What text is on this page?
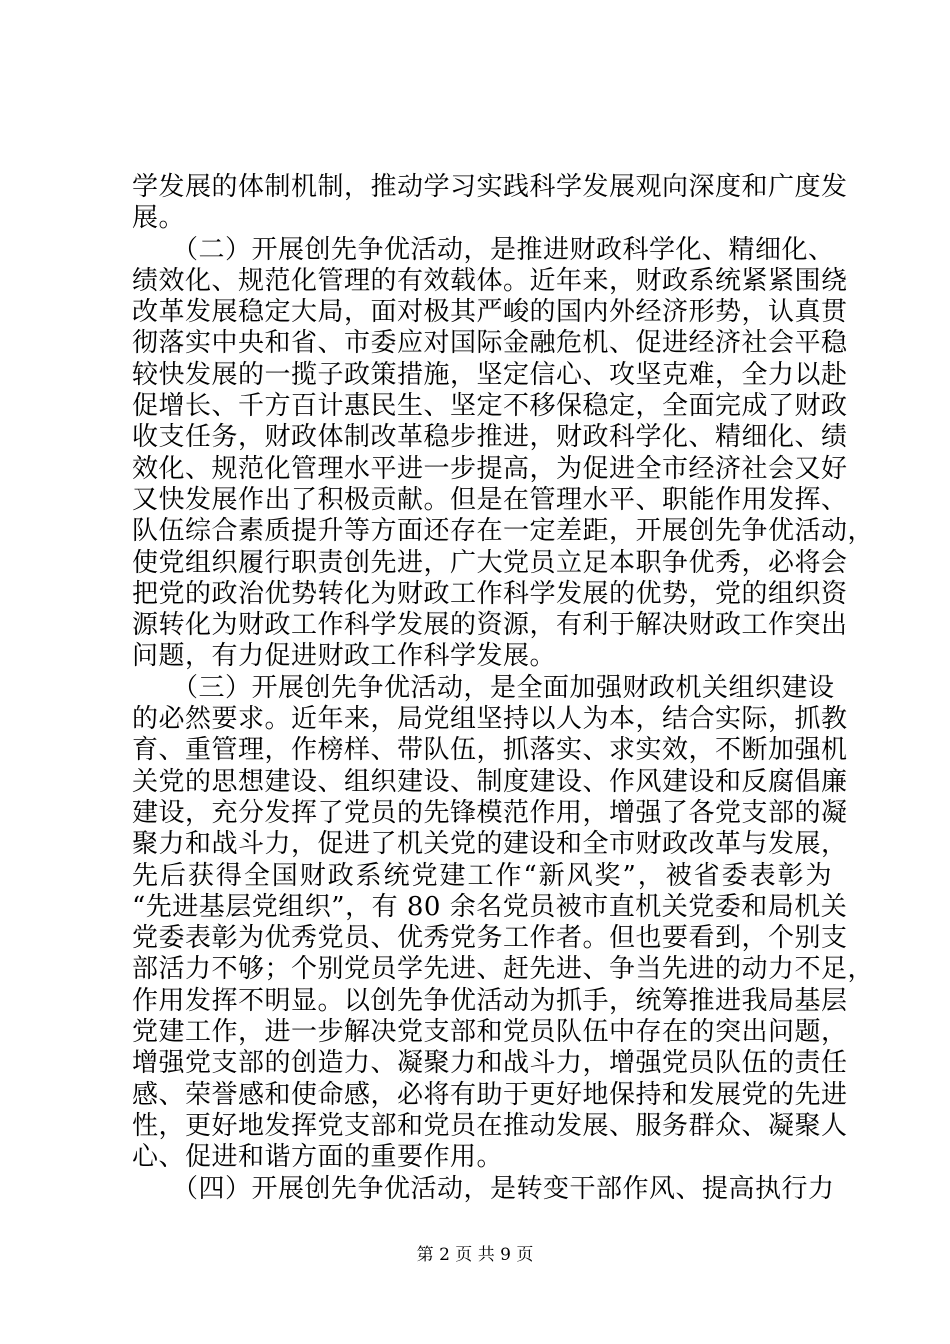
学发展的体制机制，推动学习实践科学发展观向深度和广度发
展。
　　（二）开展创先争优活动，是推进财政科学化、精细化、
绩效化、规范化管理的有效载体。近年来，财政系统紧紧围绕
改革发展稳定大局，面对极其严峻的国内外经济形势，认真贯
彻落实中央和省、市委应对国际金融危机、促进经济社会平稳
较快发展的一揽子政策措施，坚定信心、攻坚克难，全力以赴
促增长、千方百计惠民生、坚定不移保稳定，全面完成了财政
收支任务，财政体制改革稳步推进，财政科学化、精细化、绩
效化、规范化管理水平进一步提高，为促进全市经济社会又好
又快发展作出了积极贡献。但是在管理水平、职能作用发挥、
队伍综合素质提升等方面还存在一定差距，开展创先争优活动，
使党组织履行职责创先进，广大党员立足本职争优秀，必将会
把党的政治优势转化为财政工作科学发展的优势，党的组织资
源转化为财政工作科学发展的资源，有利于解决财政工作突出
问题，有力促进财政工作科学发展。
　　（三）开展创先争优活动，是全面加强财政机关组织建设
的必然要求。近年来，局党组坚持以人为本，结合实际，抓教
育、重管理，作榜样、带队伍，抓落实、求实效，不断加强机
关党的思想建设、组织建设、制度建设、作风建设和反腐倡廉
建设，充分发挥了党员的先锋模范作用，增强了各党支部的凝
聚力和战斗力，促进了机关党的建设和全市财政改革与发展，
先后获得全国财政系统党建工作“新风奖”，被省委表彰为
“先进基层党组织”，有 80 余名党员被市直机关党委和局机关
党委表彰为优秀党员、优秀党务工作者。但也要看到，个别支
部活力不够；个别党员学先进、赶先进、争当先进的动力不足，
作用发挥不明显。以创先争优活动为抓手，统筹推进我局基层
党建工作，进一步解决党支部和党员队伍中存在的突出问题，
增强党支部的创造力、凝聚力和战斗力，增强党员队伍的责任
感、荣誉感和使命感，必将有助于更好地保持和发展党的先进
性，更好地发挥党支部和党员在推动发展、服务群众、凝聚人
心、促进和谐方面的重要作用。
　　（四）开展创先争优活动，是转变干部作风、提高执行力
第 2 页 共 9 页
